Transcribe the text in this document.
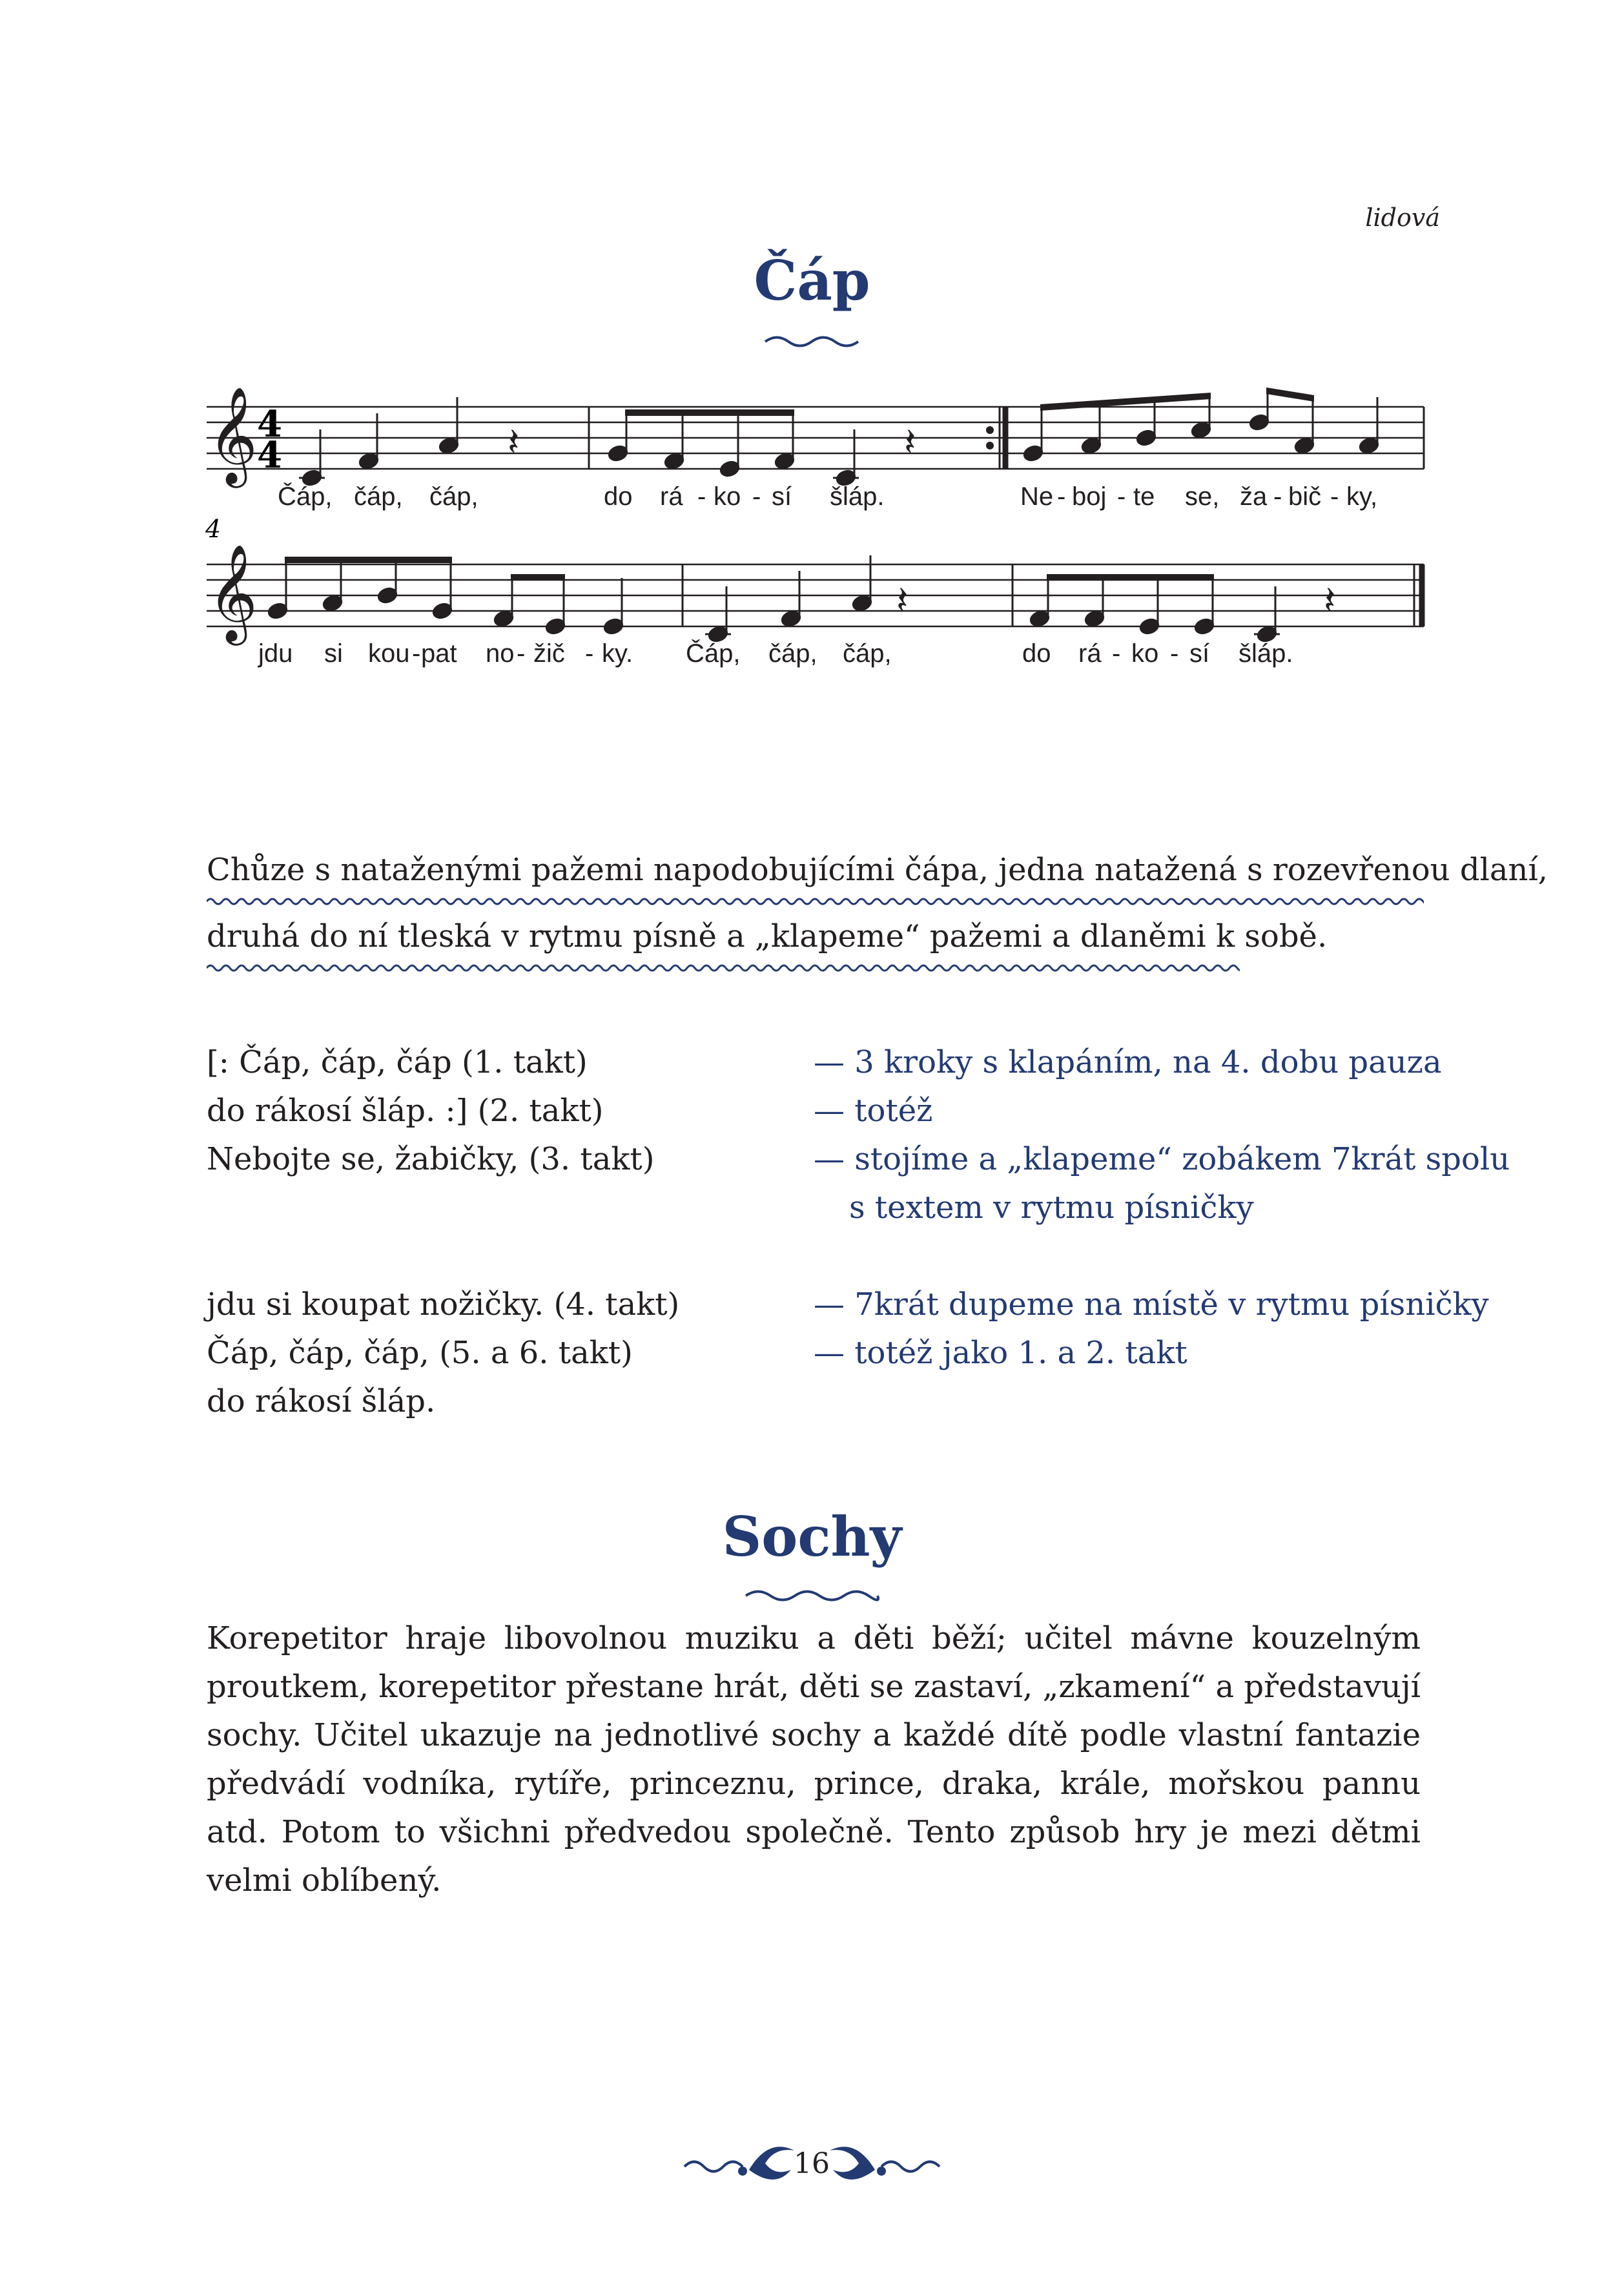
lidová
Čáp
𝄞
𝄞
4
4
4
𝄽	𝄽
𝄽	𝄽
Čáp, čáp, čáp,	do rá - ko - sí šláp.	Ne - boj - te se, ža - bič - ky,
jdu si kou - pat no - žič - ky. Čáp, čáp, čáp,	do rá - ko - sí šláp.
Chůze s nataženými pažemi napodobujícími čápa, jedna natažená s rozevřenou dlaní,
druhá do ní tleská v rytmu písně a „klapeme“ pažemi a dlaněmi k sobě.
[: Čáp, čáp, čáp (1. takt)	— 3 kroky s klapáním, na 4. dobu pauza
do rákosí šláp. :] (2. takt)	— totéž
Nebojte se, žabičky, (3. takt)	— stojíme a „klapeme“ zobákem 7krát spolu
s textem v rytmu písničky
jdu si koupat nožičky. (4. takt)	— 7krát dupeme na místě v rytmu písničky
Čáp, čáp, čáp, (5. a 6. takt)	— totéž jako 1. a 2. takt
do rákosí šláp.
Sochy
Korepetitor hraje libovolnou muziku a děti běží; učitel mávne kouzelným proutkem, korepetitor přestane hrát, děti se zastaví, „zkamení“ a představují sochy. Učitel ukazuje na jednotlivé sochy a každé dítě podle vlastní fantazie předvádí vodníka, rytíře, princeznu, prince, draka, krále, mořskou pannu atd. Potom to všichni předvedou společně. Tento způsob hry je mezi dětmi velmi oblíbený.
16
